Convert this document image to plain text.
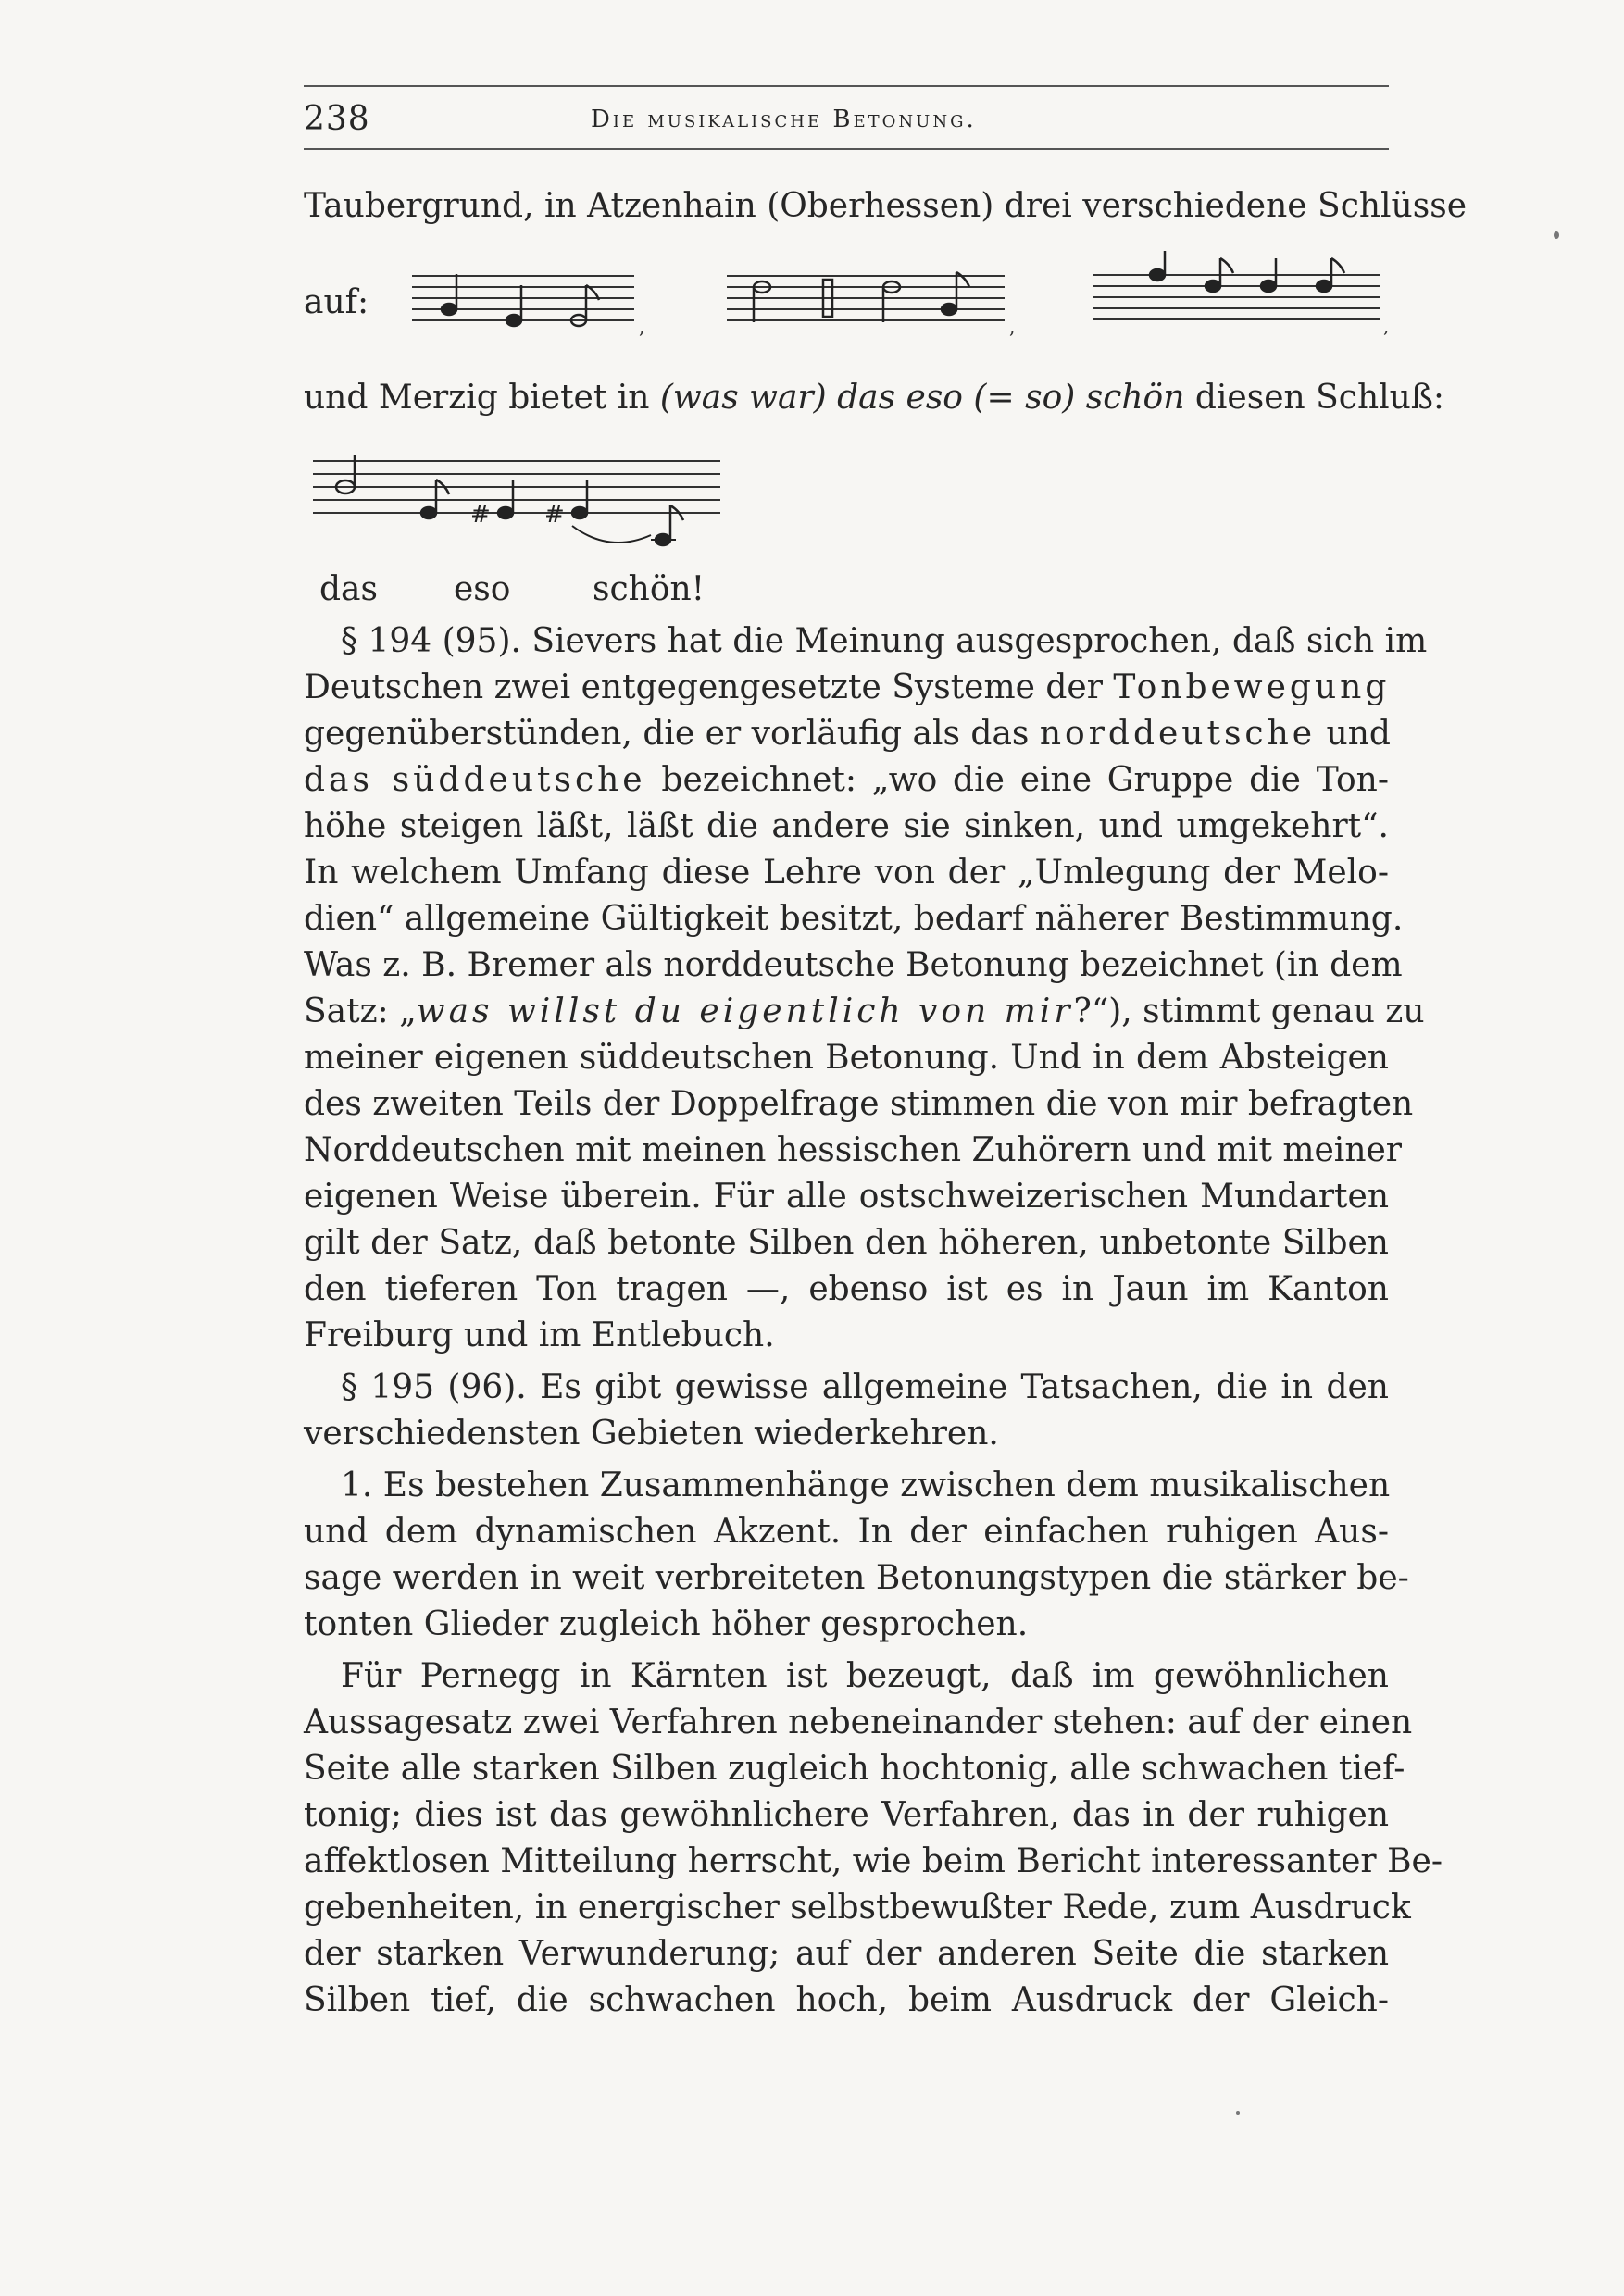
238	Die musikalische Betonung.
Taubergrund, in Atzenhain (Oberhessen) drei verschiedene Schlüsse
auf:
,	,	,
und Merzig bietet in (was war) das eso (= so) schön diesen Schluß:
# #
das eso schön!
§ 194 (95). Sievers hat die Meinung ausgesprochen, daß sich im
Deutschen zwei entgegengesetzte Systeme der Tonbewegung
gegenüberstünden, die er vorläufig als das norddeutsche und
das süddeutsche bezeichnet: „wo die eine Gruppe die Ton-
höhe steigen läßt, läßt die andere sie sinken, und umgekehrt“.
In welchem Umfang diese Lehre von der „Umlegung der Melo-
dien“ allgemeine Gültigkeit besitzt, bedarf näherer Bestimmung.
Was z. B. Bremer als norddeutsche Betonung bezeichnet (in dem
Satz: „was willst du eigentlich von mir?“), stimmt genau zu
meiner eigenen süddeutschen Betonung. Und in dem Absteigen
des zweiten Teils der Doppelfrage stimmen die von mir befragten
Norddeutschen mit meinen hessischen Zuhörern und mit meiner
eigenen Weise überein. Für alle ostschweizerischen Mundarten
gilt der Satz, daß betonte Silben den höheren, unbetonte Silben
den tieferen Ton tragen —, ebenso ist es in Jaun im Kanton
Freiburg und im Entlebuch.
§ 195 (96). Es gibt gewisse allgemeine Tatsachen, die in den
verschiedensten Gebieten wiederkehren.
1. Es bestehen Zusammenhänge zwischen dem musikalischen
und dem dynamischen Akzent. In der einfachen ruhigen Aus-
sage werden in weit verbreiteten Betonungstypen die stärker be-
tonten Glieder zugleich höher gesprochen.
Für Pernegg in Kärnten ist bezeugt, daß im gewöhnlichen
Aussagesatz zwei Verfahren nebeneinander stehen: auf der einen
Seite alle starken Silben zugleich hochtonig, alle schwachen tief-
tonig; dies ist das gewöhnlichere Verfahren, das in der ruhigen
affektlosen Mitteilung herrscht, wie beim Bericht interessanter Be-
gebenheiten, in energischer selbstbewußter Rede, zum Ausdruck
der starken Verwunderung; auf der anderen Seite die starken
Silben tief, die schwachen hoch, beim Ausdruck der Gleich-
